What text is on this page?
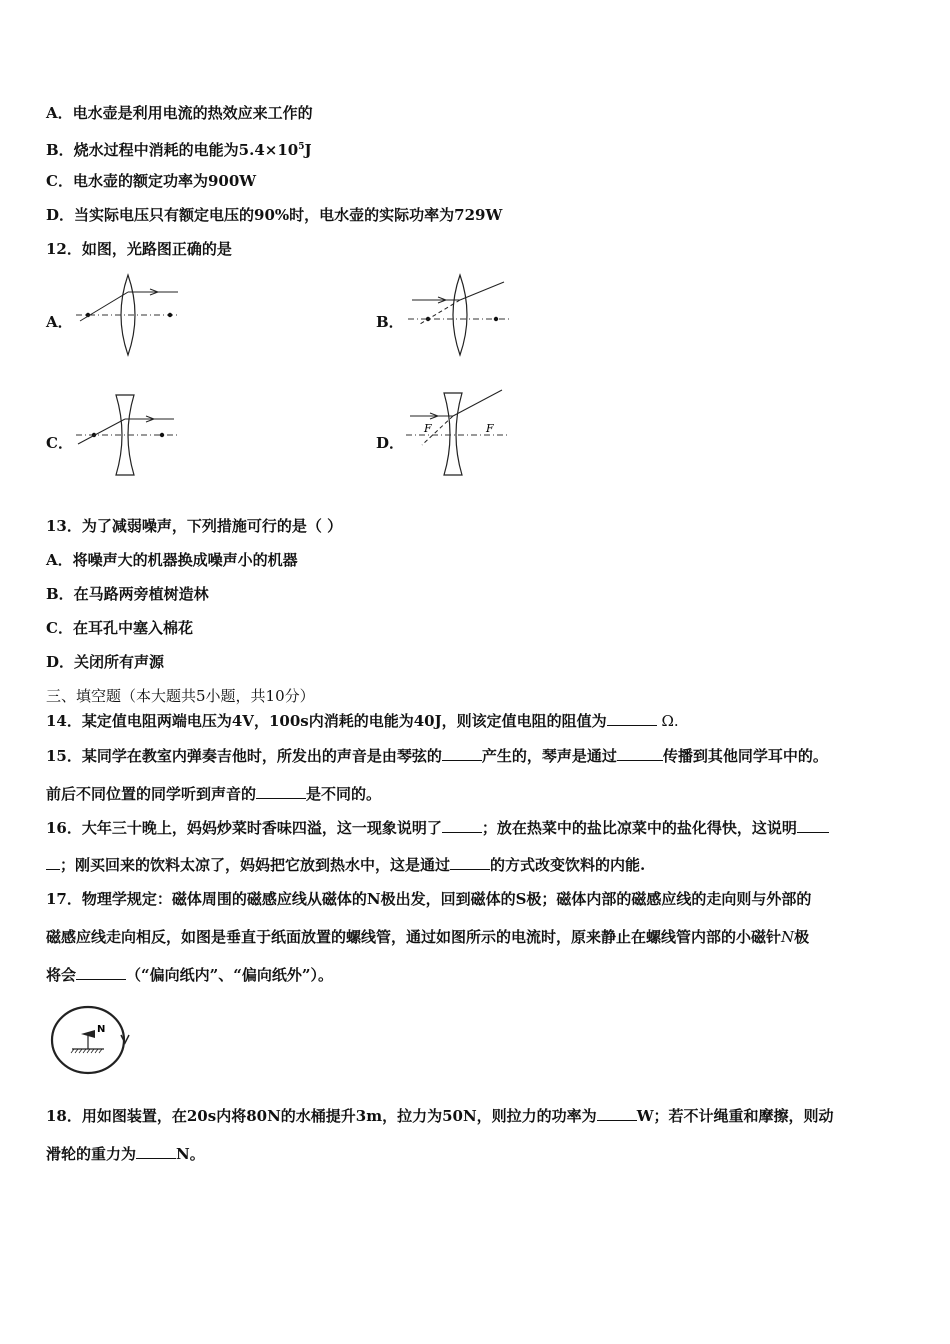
A．电水壶是利用电流的热效应来工作的
B．烧水过程中消耗的电能为$5.4\times 10^5J$
C．电水壶的额定功率为900W
D．当实际电压只有额定电压的90%时，电水壶的实际功率为729W
12．如图，光路图正确的是
A．	B．
C．	D．
F	F
13．为了减弱噪声，下列措施可行的是（ ）
A．将噪声大的机器换成噪声小的机器
B．在马路两旁植树造林
C．在耳孔中塞入棉花
D．关闭所有声源
三、填空题（本大题共5小题，共10分）
14．某定值电阻两端电压为4V，100s内消耗的电能为40J，则该定值电阻的阻值为	Ω.
15．某同学在教室内弹奏吉他时，所发出的声音是由琴弦的	产生的，琴声是通过	传播到其他同学耳中的。
前后不同位置的同学听到声音的	是不同的。
16．大年三十晚上，妈妈炒菜时香味四溢，这一现象说明了	；放在热菜中的盐比凉菜中的盐化得快，这说明
；刚买回来的饮料太凉了，妈妈把它放到热水中，这是通过	的方式改变饮料的内能.
17．物理学规定：磁体周围的磁感应线从磁体的N极出发，回到磁体的S极；磁体内部的磁感应线的走向则与外部的
磁感应线走向相反，如图是垂直于纸面放置的螺线管，通过如图所示的电流时，原来静止在螺线管内部的小磁针N极
将会	（“偏向纸内”、“偏向纸外”）。
N
18．用如图装置，在20s内将80N的水桶提升3m，拉力为50N，则拉力的功率为	W；若不计绳重和摩擦，则动
滑轮的重力为	N。
